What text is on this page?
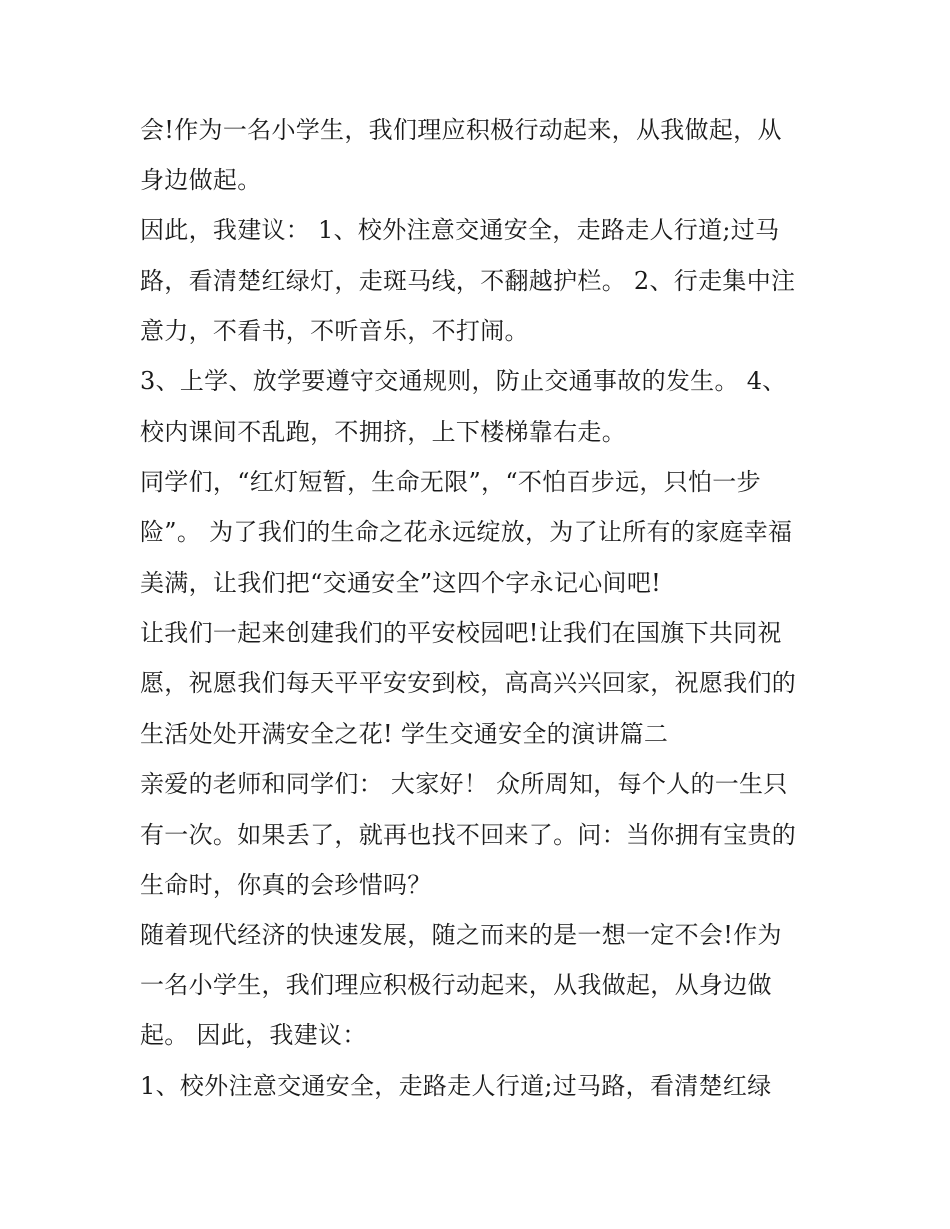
会!作为一名小学生，我们理应积极行动起来，从我做起，从
身边做起。
因此，我建议： 1、校外注意交通安全，走路走人行道;过马
路，看清楚红绿灯，走斑马线，不翻越护栏。 2、行走集中注
意力，不看书，不听音乐，不打闹。
3、上学、放学要遵守交通规则，防止交通事故的发生。 4、
校内课间不乱跑，不拥挤，上下楼梯靠右走。
同学们，“红灯短暂，生命无限”，“不怕百步远，只怕一步
险”。 为了我们的生命之花永远绽放，为了让所有的家庭幸福
美满，让我们把“交通安全”这四个字永记心间吧!
让我们一起来创建我们的平安校园吧!让我们在国旗下共同祝
愿，祝愿我们每天平平安安到校，高高兴兴回家，祝愿我们的
生活处处开满安全之花! 学生交通安全的演讲篇二
亲爱的老师和同学们： 大家好！ 众所周知，每个人的一生只
有一次。如果丢了，就再也找不回来了。问：当你拥有宝贵的
生命时，你真的会珍惜吗？
随着现代经济的快速发展，随之而来的是一想一定不会!作为
一名小学生，我们理应积极行动起来，从我做起，从身边做
起。 因此，我建议：
1、校外注意交通安全，走路走人行道;过马路，看清楚红绿
